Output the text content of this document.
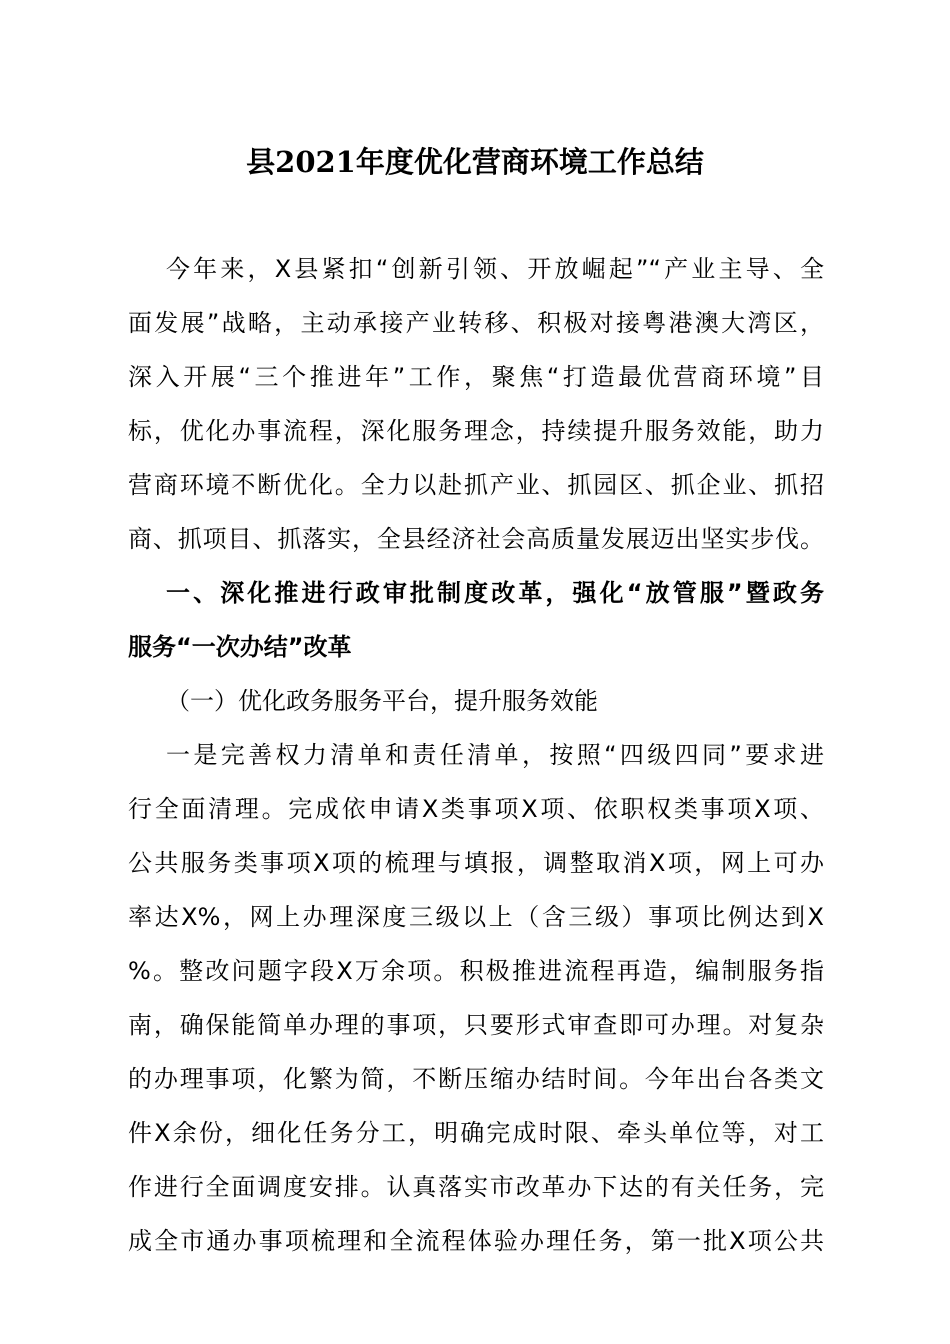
县2021年度优化营商环境工作总结
今年来，X县紧扣“创新引领、开放崛起”“产业主导、全
面发展”战略，主动承接产业转移、积极对接粤港澳大湾区，
深入开展“三个推进年”工作，聚焦“打造最优营商环境”目
标，优化办事流程，深化服务理念，持续提升服务效能，助力
营商环境不断优化。全力以赴抓产业、抓园区、抓企业、抓招
商、抓项目、抓落实，全县经济社会高质量发展迈出坚实步伐。
一、深化推进行政审批制度改革，强化“放管服”暨政务
服务“一次办结”改革
（一）优化政务服务平台，提升服务效能
一是完善权力清单和责任清单，按照“四级四同”要求进
行全面清理。完成依申请X类事项X项、依职权类事项X项、
公共服务类事项X项的梳理与填报，调整取消X项，网上可办
率达X%，网上办理深度三级以上（含三级）事项比例达到X
%。整改问题字段X万余项。积极推进流程再造，编制服务指
南，确保能简单办理的事项，只要形式审查即可办理。对复杂
的办理事项，化繁为简，不断压缩办结时间。今年出台各类文
件X余份，细化任务分工，明确完成时限、牵头单位等，对工
作进行全面调度安排。认真落实市改革办下达的有关任务，完
成全市通办事项梳理和全流程体验办理任务，第一批X项公共
